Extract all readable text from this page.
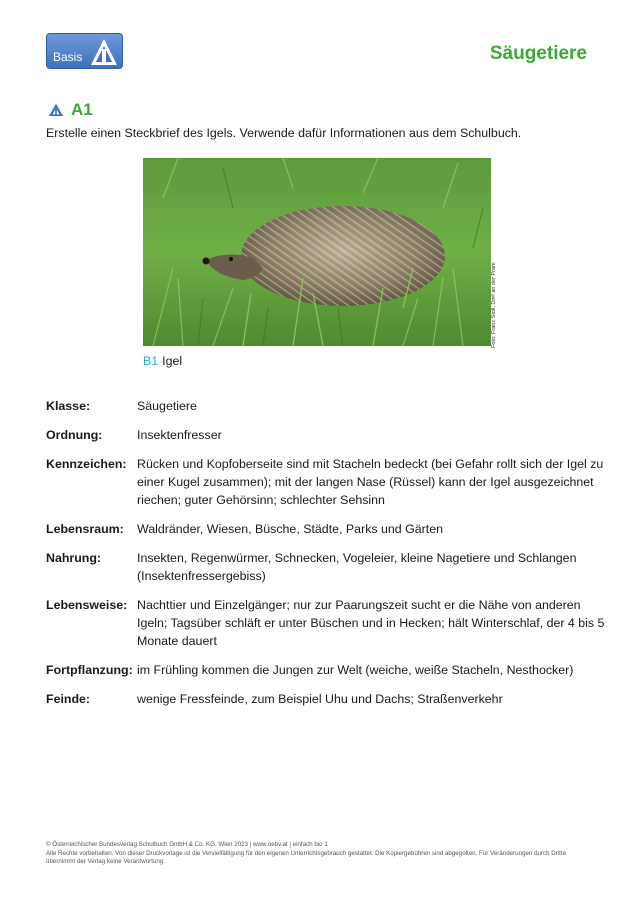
Basis	Säugetiere
A1
Erstelle einen Steckbrief des Igels. Verwende dafür Informationen aus dem Schulbuch.
Foto: Franz Stoll, Dorf an der Pram
B1 Igel
Klasse:	Säugetiere
Ordnung:	Insektenfresser
Kennzeichen: Rücken und Kopfoberseite sind mit Stacheln bedeckt (bei Gefahr rollt sich der Igel zu einer Kugel zusammen); mit der langen Nase (Rüssel) kann der Igel ausgezeichnet riechen; guter Gehörsinn; schlechter Sehsinn
Lebensraum:	Waldränder, Wiesen, Büsche, Städte, Parks und Gärten
Nahrung:	Insekten, Regenwürmer, Schnecken, Vogeleier, kleine Nagetiere und Schlangen (Insektenfressergebiss)
Lebensweise: Nachttier und Einzelgänger; nur zur Paarungszeit sucht er die Nähe von anderen Igeln; Tagsüber schläft er unter Büschen und in Hecken; hält Winterschlaf, der 4 bis 5 Monate dauert
Fortpflanzung: im Frühling kommen die Jungen zur Welt (weiche, weiße Stacheln, Nesthocker)
Feinde:	wenige Fressfeinde, zum Beispiel Uhu und Dachs; Straßenverkehr
© Österreichischer Bundesverlag Schulbuch GmbH & Co. KG, Wien 2023 | www.oebv.at | einfach bio 1
Alle Rechte vorbehalten. Von dieser Druckvorlage ist die Vervielfältigung für den eigenen Unterrichtsgebrauch gestattet. Die Kopiergebühren sind abgegolten. Für Veränderungen durch Dritte übernimmt der Verlag keine Verantwortung.
